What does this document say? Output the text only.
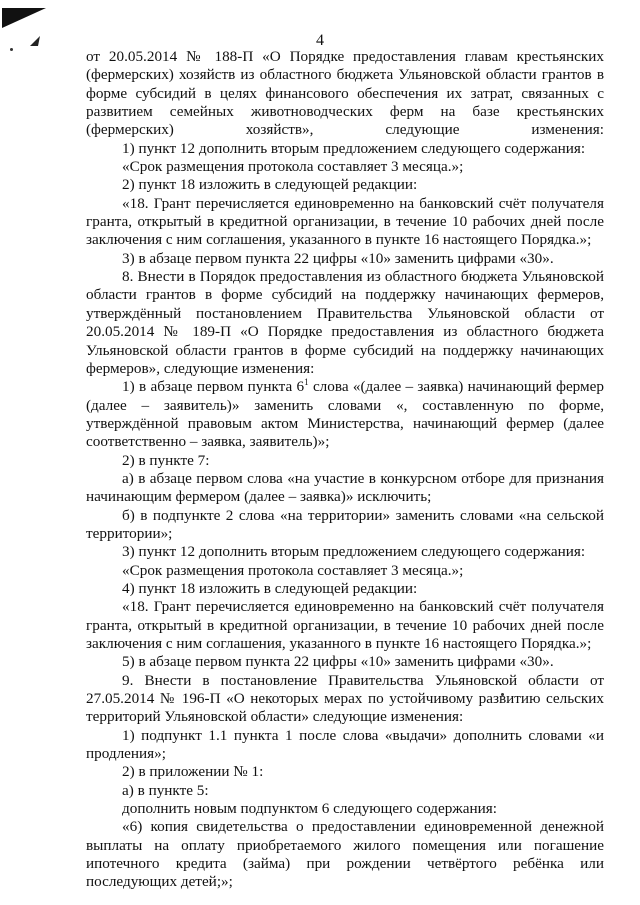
4

от 20.05.2014 № 188-П «О Порядке предоставления главам крестьянских (фермерских) хозяйств из областного бюджета Ульяновской области грантов в форме субсидий в целях финансового обеспечения их затрат, связанных с развитием семейных животноводческих ферм на базе крестьянских (фермерских) хозяйств», следующие изменения:

1) пункт 12 дополнить вторым предложением следующего содержания:

«Срок размещения протокола составляет 3 месяца.»;

2) пункт 18 изложить в следующей редакции:

«18. Грант перечисляется единовременно на банковский счёт получателя гранта, открытый в кредитной организации, в течение 10 рабочих дней после заключения с ним соглашения, указанного в пункте 16 настоящего Порядка.»;

3) в абзаце первом пункта 22 цифры «10» заменить цифрами «30».

8. Внести в Порядок предоставления из областного бюджета Ульяновской области грантов в форме субсидий на поддержку начинающих фермеров, утверждённый постановлением Правительства Ульяновской области от 20.05.2014 № 189-П «О Порядке предоставления из областного бюджета Ульяновской области грантов в форме субсидий на поддержку начинающих фермеров», следующие изменения:

1) в абзаце первом пункта $6^1$ слова «(далее – заявка) начинающий фермер (далее – заявитель)» заменить словами «, составленную по форме, утверждённой правовым актом Министерства, начинающий фермер (далее соответственно – заявка, заявитель)»;

2) в пункте 7:

а) в абзаце первом слова «на участие в конкурсном отборе для признания начинающим фермером (далее – заявка)» исключить;

б) в подпункте 2 слова «на территории» заменить словами «на сельской территории»;

3) пункт 12 дополнить вторым предложением следующего содержания:

«Срок размещения протокола составляет 3 месяца.»;

4) пункт 18 изложить в следующей редакции:

«18. Грант перечисляется единовременно на банковский счёт получателя гранта, открытый в кредитной организации, в течение 10 рабочих дней после заключения с ним соглашения, указанного в пункте 16 настоящего Порядка.»;

5) в абзаце первом пункта 22 цифры «10» заменить цифрами «30».

9. Внести в постановление Правительства Ульяновской области от 27.05.2014 № 196-П «О некоторых мерах по устойчивому развитию сельских территорий Ульяновской области» следующие изменения:

1) подпункт 1.1 пункта 1 после слова «выдачи» дополнить словами «и продления»;

2) в приложении № 1:

а) в пункте 5:

дополнить новым подпунктом 6 следующего содержания:

«6) копия свидетельства о предоставлении единовременной денежной выплаты на оплату приобретаемого жилого помещения или погашение ипотечного кредита (займа) при рождении четвёртого ребёнка или последующих детей;»;
